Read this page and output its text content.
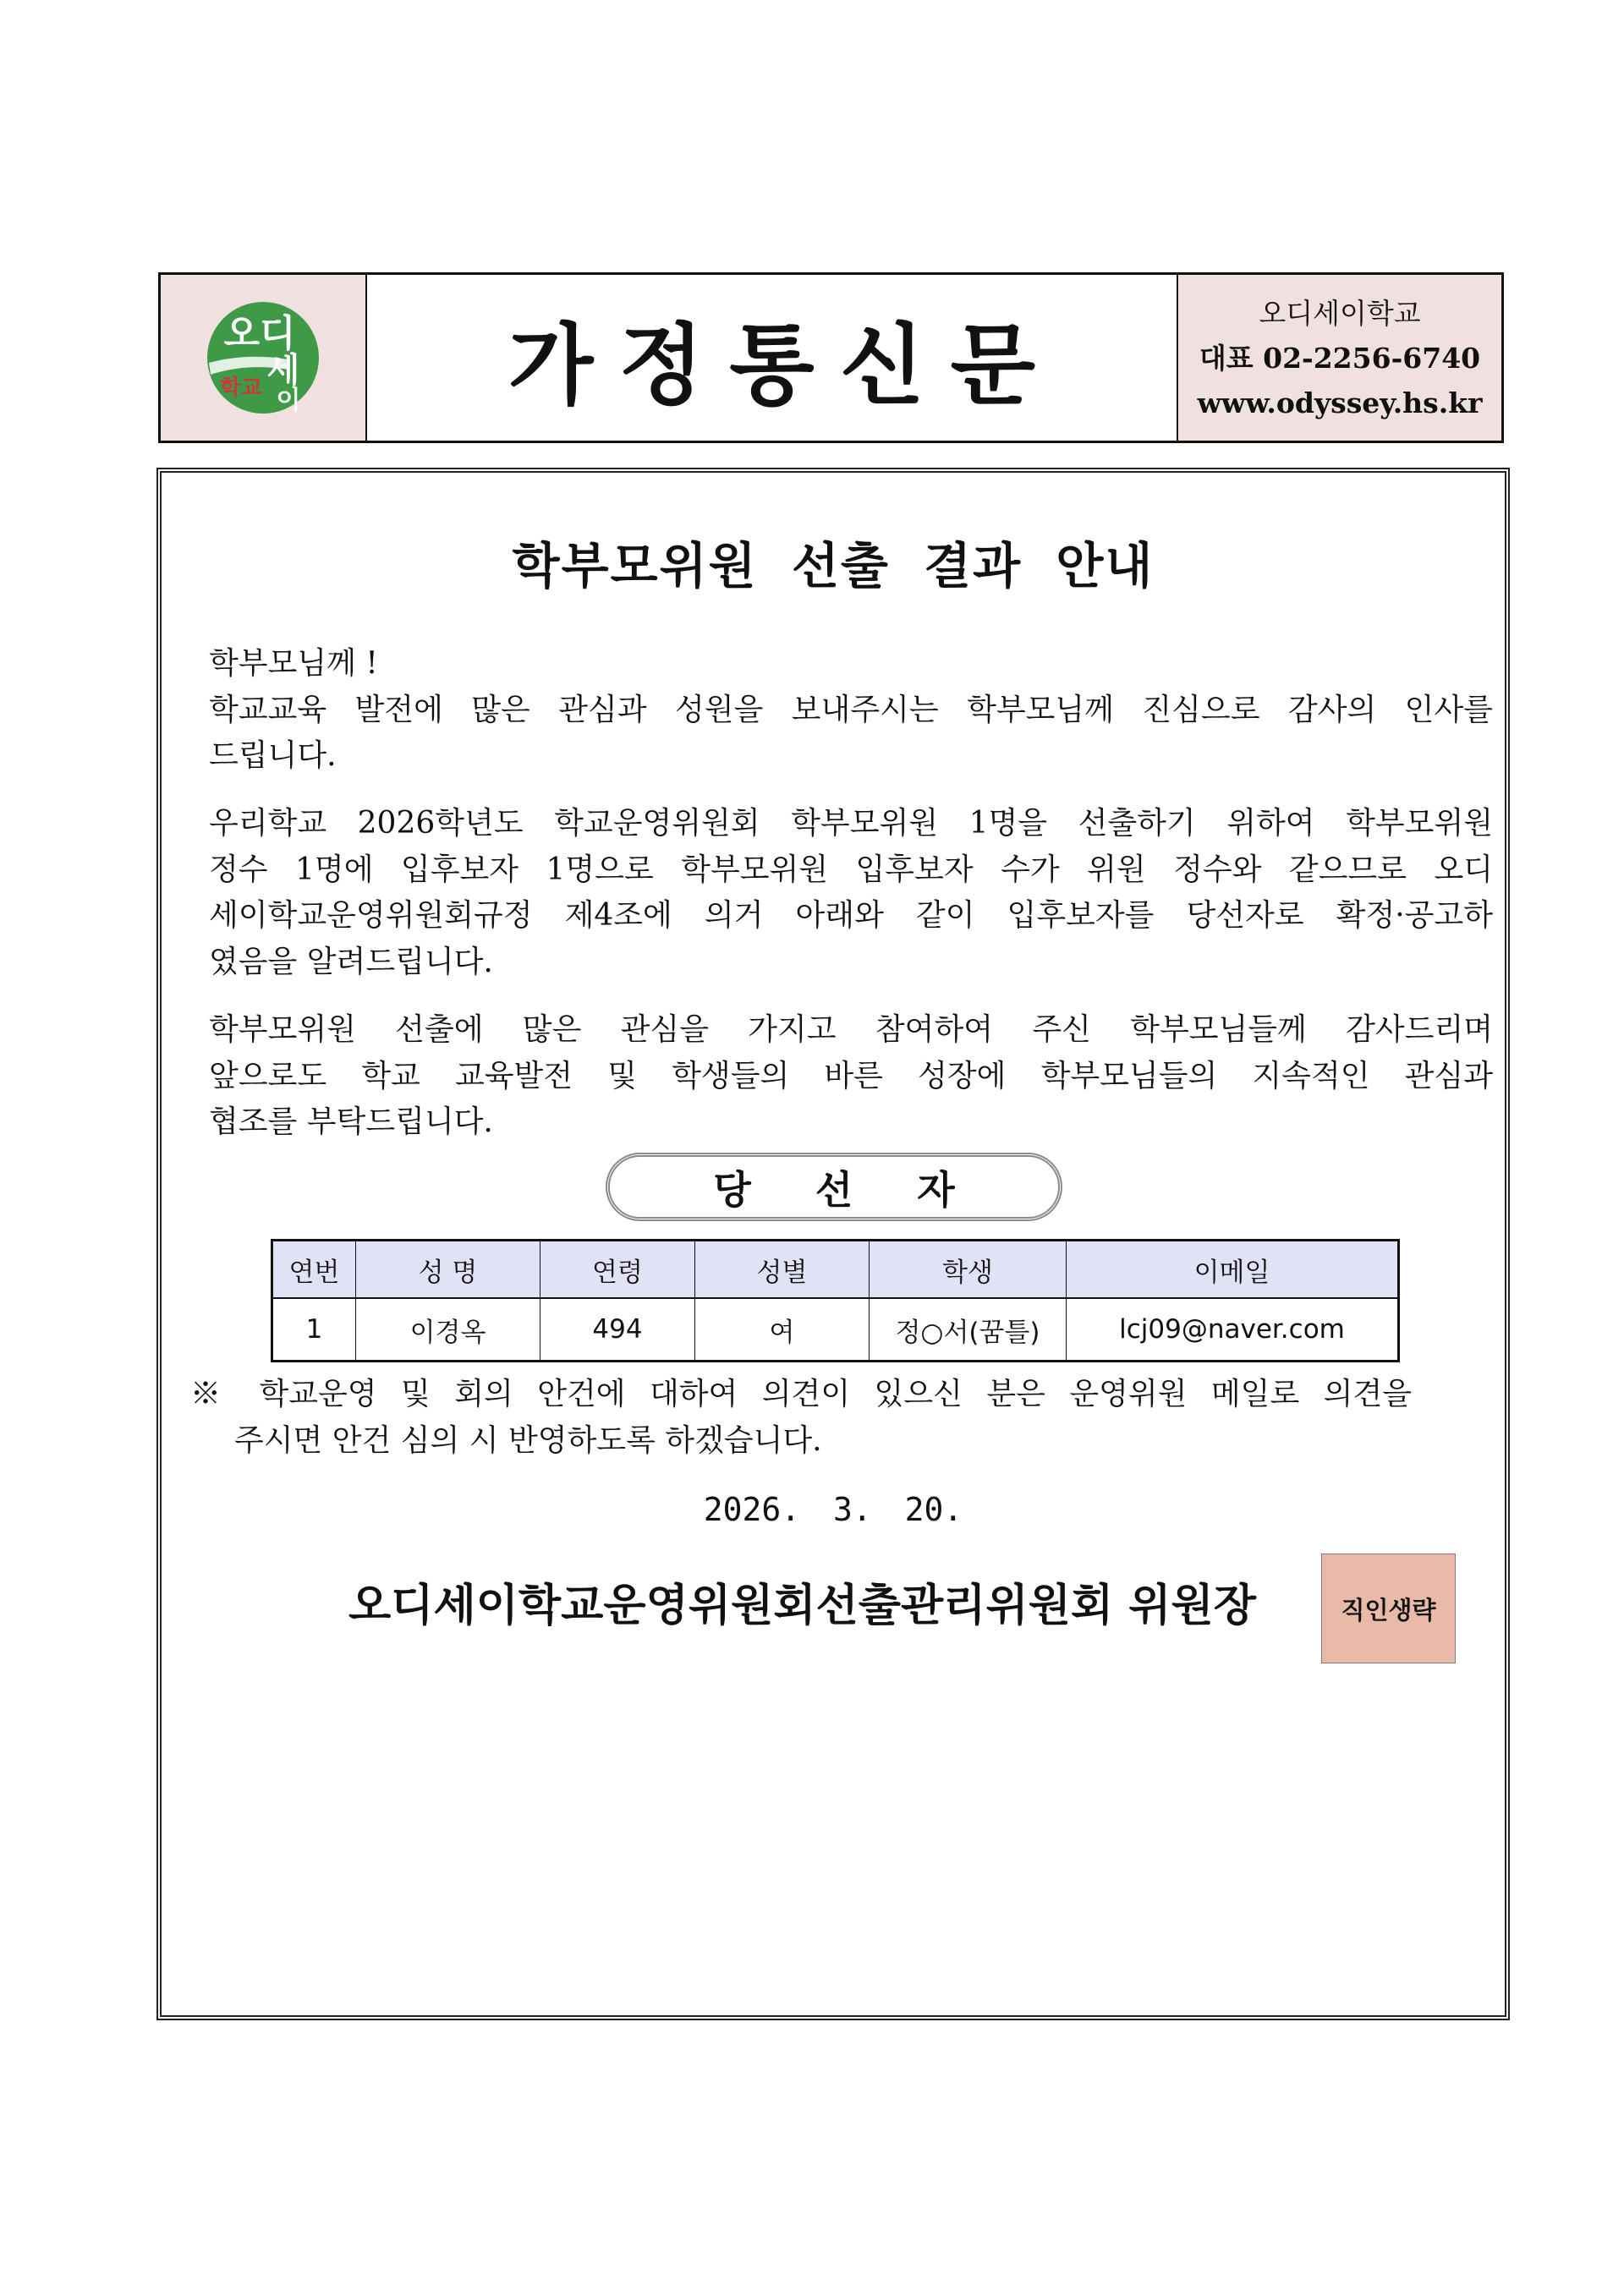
오디
세
이
학교	가 정 통 신 문
오디세이학교
대표 02-2256-6740
www.odyssey.hs.kr
학부모위원 선출 결과 안내
학부모님께 !
학교교육 발전에 많은 관심과 성원을 보내주시는 학부모님께 진심으로 감사의 인사를
드립니다.
우리학교 2026학년도 학교운영위원회 학부모위원 1명을 선출하기 위하여 학부모위원
정수 1명에 입후보자 1명으로 학부모위원 입후보자 수가 위원 정수와 같으므로 오디
세이학교운영위원회규정 제4조에 의거 아래와 같이 입후보자를 당선자로 확정·공고하
였음을 알려드립니다.
학부모위원 선출에 많은 관심을 가지고 참여하여 주신 학부모님들께 감사드리며
앞으로도 학교 교육발전 및 학생들의 바른 성장에 학부모님들의 지속적인 관심과
협조를 부탁드립니다.
당 선 자
연번	성 명	연령	성별	학생	이메일
1	이경옥	494	여	정○서(꿈틀)	lcj09@naver.com
※ 학교운영 및 회의 안건에 대하여 의견이 있으신 분은 운영위원 메일로 의견을
주시면 안건 심의 시 반영하도록 하겠습니다.
2026. 3. 20.
오디세이학교운영위원회선출관리위원회 위원장	직인생략
